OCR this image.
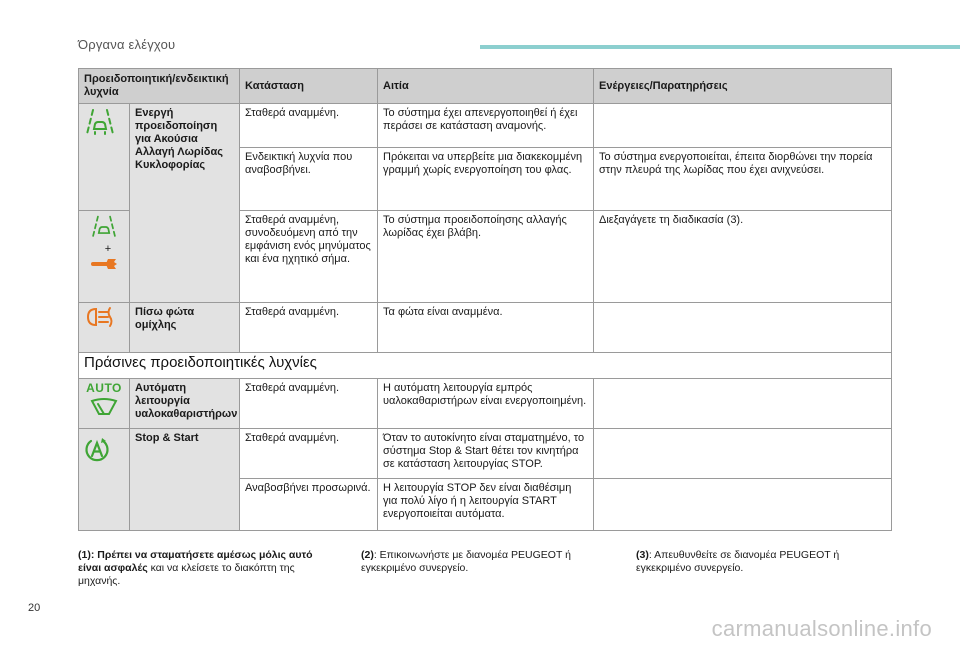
Όργανα ελέγχου
Προειδοποιητική/ενδεικτική λυχνία		Κατάσταση	Αιτία	Ενέργειες/Παρατηρήσεις
	Ενεργή προειδοποίηση για Ακούσια Αλλαγή Λωρίδας Κυκλοφορίας	Σταθερά αναμμένη.	Το σύστημα έχει απενεργοποιηθεί ή έχει περάσει σε κατάσταση αναμονής.	
		Ενδεικτική λυχνία που αναβοσβήνει.	Πρόκειται να υπερβείτε μια διακεκομμένη γραμμή χωρίς ενεργοποίηση του φλας.	Το σύστημα ενεργοποιείται, έπειτα διορθώνει την πορεία στην πλευρά της λωρίδας που έχει ανιχνεύσει.

+		Σταθερά αναμμένη, συνοδευόμενη από την εμφάνιση ενός μηνύματος και ένα ηχητικό σήμα.	Το σύστημα προειδοποίησης αλλαγής λωρίδας έχει βλάβη.	Διεξαγάγετε τη διαδικασία (3).
	Πίσω φώτα ομίχλης	Σταθερά αναμμένη.	Τα φώτα είναι αναμμένα.	
Πράσινες προειδοποιητικές λυχνίες				

AUTO	Αυτόματη λειτουργία υαλοκαθαριστήρων	Σταθερά αναμμένη.	Η αυτόματη λειτουργία εμπρός υαλοκαθαριστήρων είναι ενεργοποιημένη.	
	Stop & Start	Σταθερά αναμμένη.	Όταν το αυτοκίνητο είναι σταματημένο, το σύστημα Stop & Start θέτει τον κινητήρα σε κατάσταση λειτουργίας STOP.	
		Αναβοσβήνει προσωρινά.	Η λειτουργία STOP δεν είναι διαθέσιμη για πολύ λίγο ή η λειτουργία START ενεργοποιείται αυτόματα.	
(1): Πρέπει να σταματήσετε αμέσως μόλις αυτό είναι ασφαλές και να κλείσετε το διακόπτη της μηχανής.
(2): Επικοινωνήστε με διανομέα PEUGEOT ή εγκεκριμένο συνεργείο.
(3): Απευθυνθείτε σε διανομέα PEUGEOT ή εγκεκριμένο συνεργείο.
20
carmanualsonline.info
